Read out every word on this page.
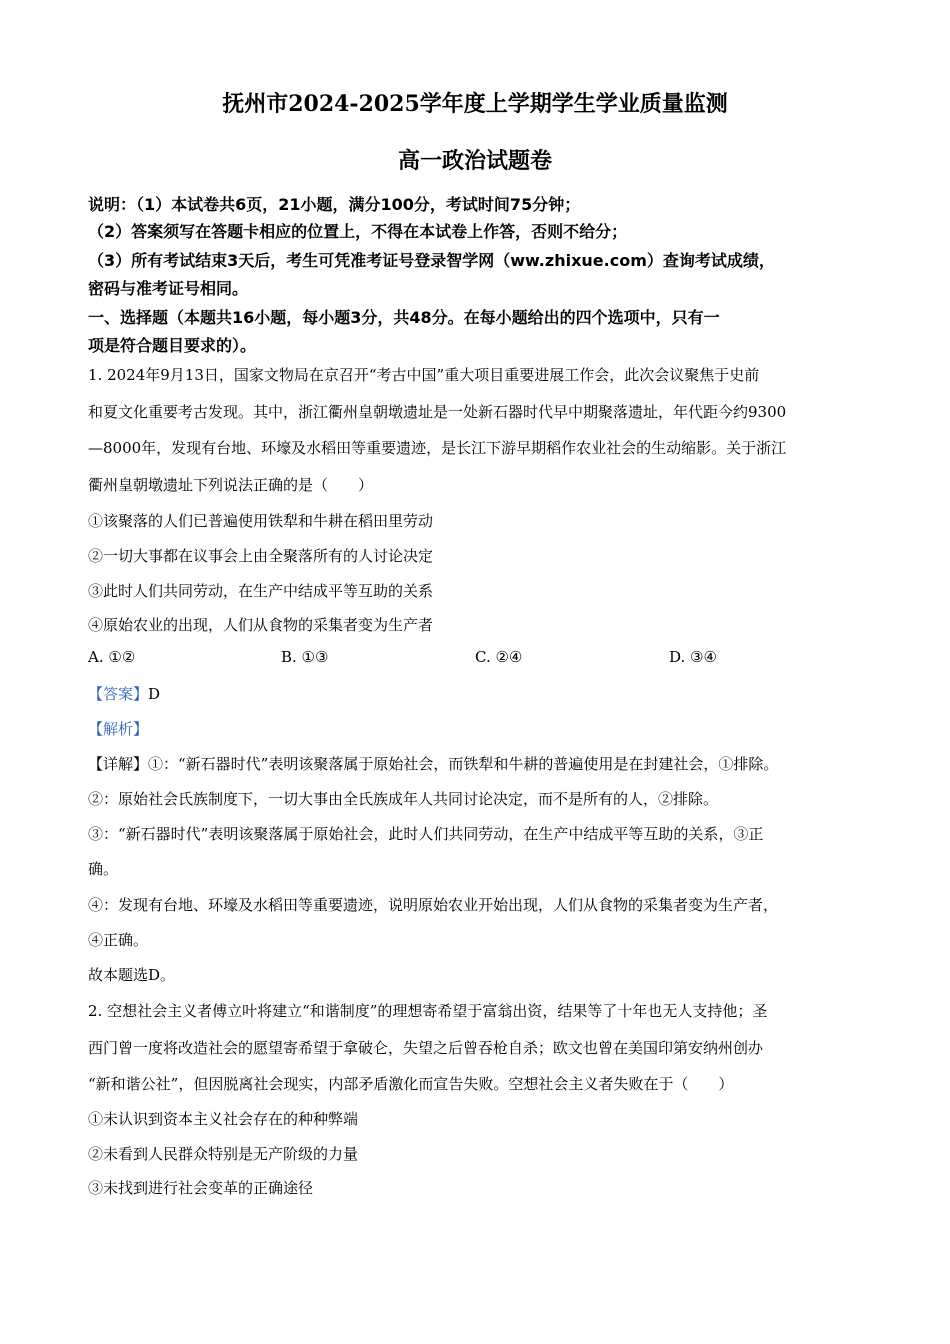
抚州市2024-2025学年度上学期学生学业质量监测
高一政治试题卷
说明：（1）本试卷共6页，21小题，满分100分，考试时间75分钟；
（2）答案须写在答题卡相应的位置上，不得在本试卷上作答，否则不给分；
（3）所有考试结束3天后，考生可凭准考证号登录智学网（ww.zhixue.com）查询考试成绩，
密码与准考证号相同。
一、选择题（本题共16小题，每小题3分，共48分。在每小题给出的四个选项中，只有一
项是符合题目要求的）。
1. 2024年9月13日，国家文物局在京召开“考古中国”重大项目重要进展工作会，此次会议聚焦于史前
和夏文化重要考古发现。其中，浙江衢州皇朝墩遗址是一处新石器时代早中期聚落遗址，年代距今约9300
—8000年，发现有台地、环壕及水稻田等重要遗迹，是长江下游早期稻作农业社会的生动缩影。关于浙江
衢州皇朝墩遗址下列说法正确的是（　　）
①该聚落的人们已普遍使用铁犁和牛耕在稻田里劳动
②一切大事都在议事会上由全聚落所有的人讨论决定
③此时人们共同劳动，在生产中结成平等互助的关系
④原始农业的出现，人们从食物的采集者变为生产者
A. ①②	B. ①③	C. ②④	D. ③④
【答案】D
【解析】
【详解】①：“新石器时代”表明该聚落属于原始社会，而铁犁和牛耕的普遍使用是在封建社会，①排除。
②：原始社会氏族制度下，一切大事由全氏族成年人共同讨论决定，而不是所有的人，②排除。
③：“新石器时代”表明该聚落属于原始社会，此时人们共同劳动，在生产中结成平等互助的关系，③正
确。
④：发现有台地、环壕及水稻田等重要遗迹，说明原始农业开始出现，人们从食物的采集者变为生产者，
④正确。
故本题选D。
2. 空想社会主义者傅立叶将建立“和谐制度”的理想寄希望于富翁出资，结果等了十年也无人支持他；圣
西门曾一度将改造社会的愿望寄希望于拿破仑，失望之后曾吞枪自杀；欧文也曾在美国印第安纳州创办
“新和谐公社”，但因脱离社会现实，内部矛盾激化而宣告失败。空想社会主义者失败在于（　　）
①未认识到资本主义社会存在的种种弊端
②未看到人民群众特别是无产阶级的力量
③未找到进行社会变革的正确途径
